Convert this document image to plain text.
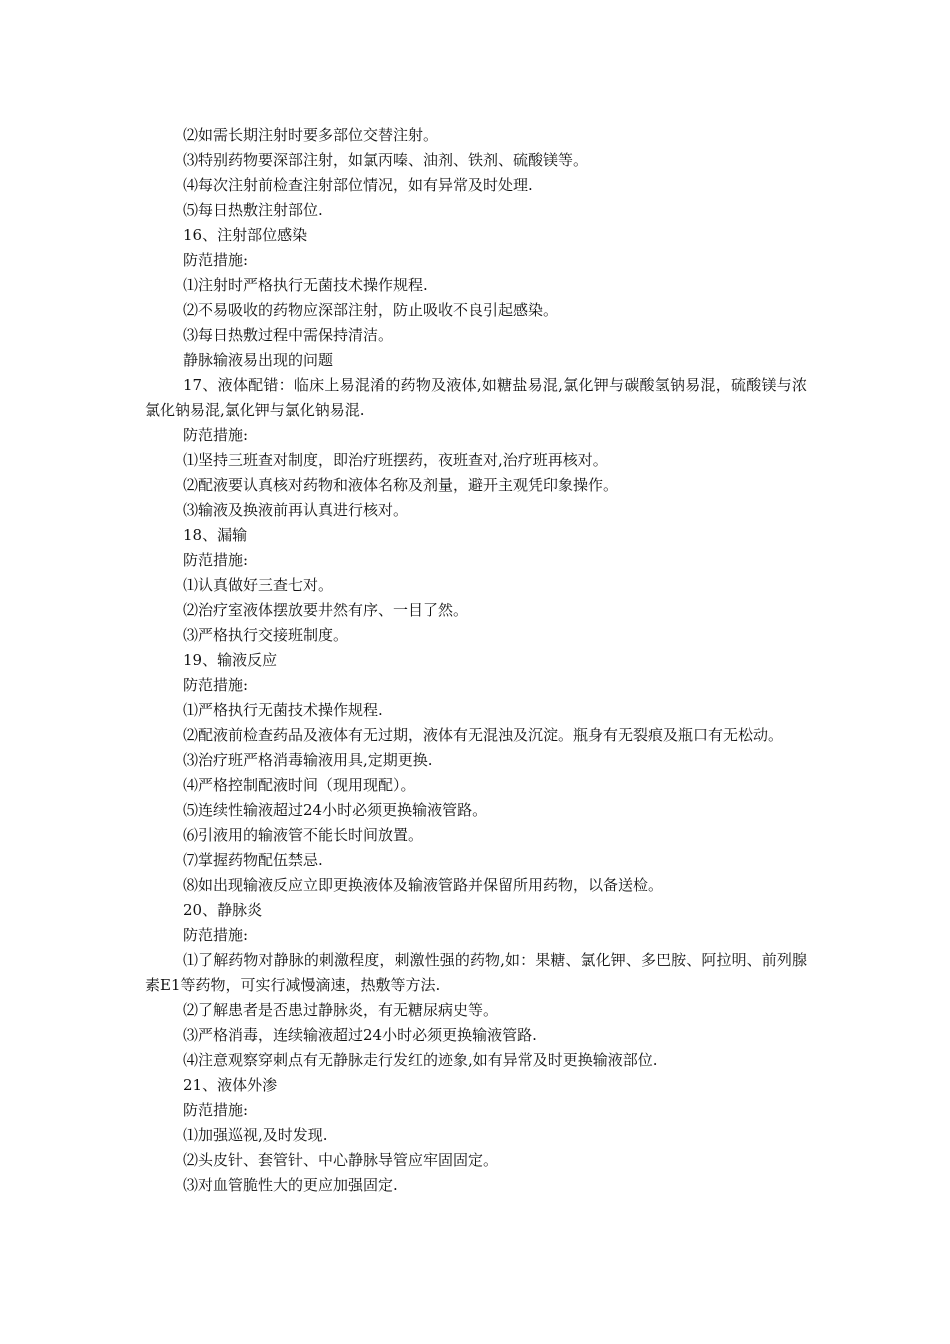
⑵如需长期注射时要多部位交替注射。

⑶特别药物要深部注射，如氯丙嗪、油剂、铁剂、硫酸镁等。

⑷每次注射前检查注射部位情况，如有异常及时处理.

⑸每日热敷注射部位.

16、注射部位感染

防范措施:

⑴注射时严格执行无菌技术操作规程.

⑵不易吸收的药物应深部注射，防止吸收不良引起感染。

⑶每日热敷过程中需保持清洁。

静脉输液易出现的问题

17、液体配错：临床上易混淆的药物及液体,如糖盐易混,氯化钾与碳酸氢钠易混，硫酸镁与浓氯化钠易混,氯化钾与氯化钠易混.

防范措施:

⑴坚持三班查对制度，即治疗班摆药，夜班查对,治疗班再核对。

⑵配液要认真核对药物和液体名称及剂量，避开主观凭印象操作。

⑶输液及换液前再认真进行核对。

18、漏输

防范措施:

⑴认真做好三查七对。

⑵治疗室液体摆放要井然有序、一目了然。

⑶严格执行交接班制度。

19、输液反应

防范措施:

⑴严格执行无菌技术操作规程.

⑵配液前检查药品及液体有无过期，液体有无混浊及沉淀。瓶身有无裂痕及瓶口有无松动。

⑶治疗班严格消毒输液用具,定期更换.

⑷严格控制配液时间（现用现配）。

⑸连续性输液超过24小时必须更换输液管路。

⑹引液用的输液管不能长时间放置。

⑺掌握药物配伍禁忌.

⑻如出现输液反应立即更换液体及输液管路并保留所用药物，以备送检。

20、静脉炎

防范措施:

⑴了解药物对静脉的刺激程度，刺激性强的药物,如：果糖、氯化钾、多巴胺、阿拉明、前列腺素E1等药物，可实行减慢滴速，热敷等方法.

⑵了解患者是否患过静脉炎，有无糖尿病史等。

⑶严格消毒，连续输液超过24小时必须更换输液管路.

⑷注意观察穿刺点有无静脉走行发红的迹象,如有异常及时更换输液部位.

21、液体外渗

防范措施:

⑴加强巡视,及时发现.

⑵头皮针、套管针、中心静脉导管应牢固固定。

⑶对血管脆性大的更应加强固定.
